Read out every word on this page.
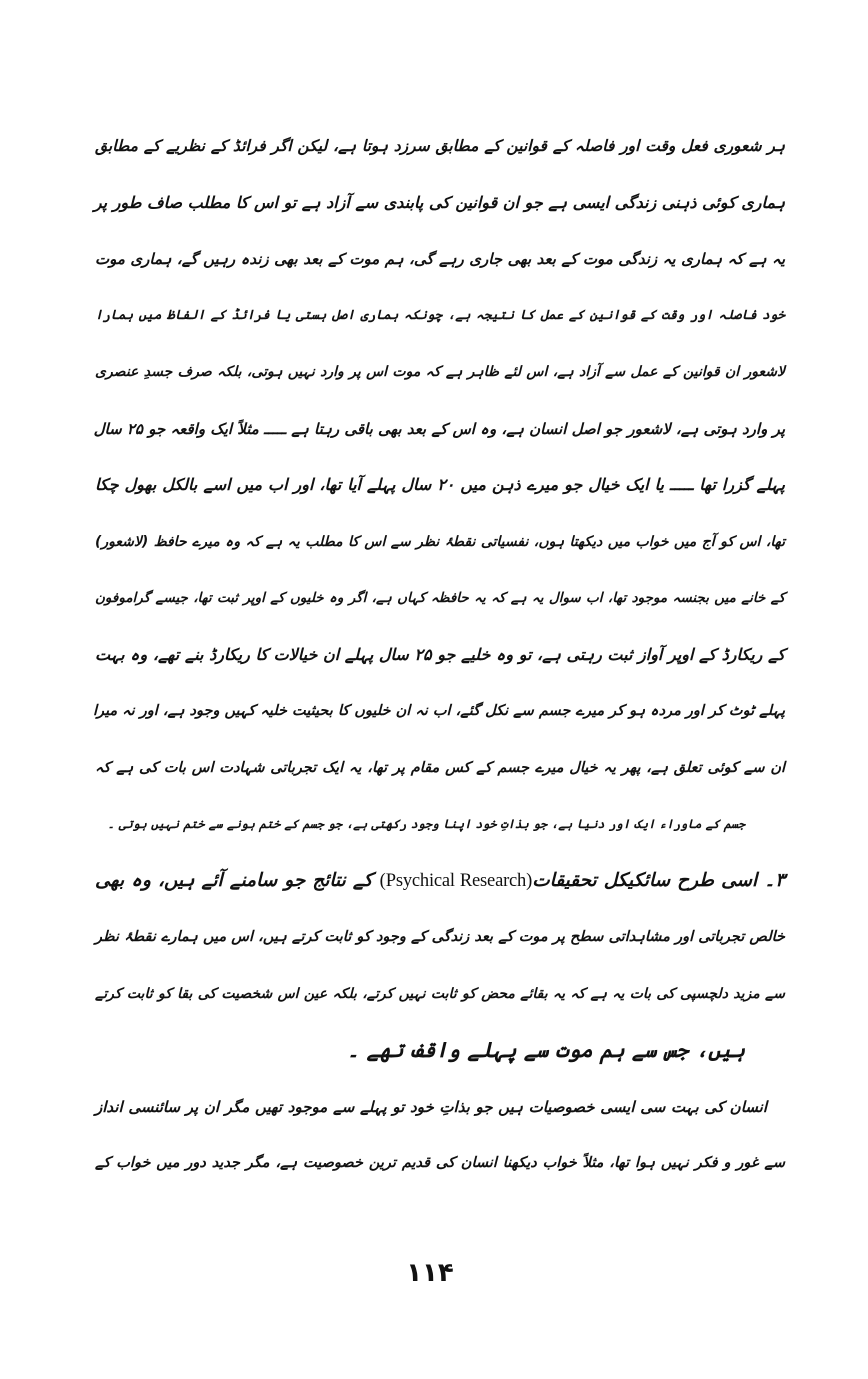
ہر شعوری فعل وقت اور فاصلہ کے قوانین کے مطابق سرزد ہوتا ہے، لیکن اگر فرائڈ کے نظریے کے مطابق
ہماری کوئی ذہنی زندگی ایسی ہے جو ان قوانین کی پابندی سے آزاد ہے تو اس کا مطلب صاف طور پر
یہ ہے کہ ہماری یہ زندگی موت کے بعد بھی جاری رہے گی، ہم موت کے بعد بھی زندہ رہیں گے، ہماری موت
خود فاصلہ اور وقت کے قوانین کے عمل کا نتیجہ ہے، چونکہ ہماری اصل ہستی یا فرائڈ کے الفاظ میں ہمارا
لاشعور ان قوانین کے عمل سے آزاد ہے، اس لئے ظاہر ہے کہ موت اس پر وارد نہیں ہوتی، بلکہ صرف جسدِ عنصری
پر وارد ہوتی ہے، لاشعور جو اصل انسان ہے، وہ اس کے بعد بھی باقی رہتا ہے ـــــ مثلاً ایک واقعہ جو ۲۵ سال
پہلے گزرا تھا ـــــ یا ایک خیال جو میرے ذہن میں ۲۰ سال پہلے آیا تھا، اور اب میں اسے بالکل بھول چکا
تھا، اس کو آج میں خواب میں دیکھتا ہوں، نفسیاتی نقطۂ نظر سے اس کا مطلب یہ ہے کہ وہ میرے حافظ (لاشعور)
کے خانے میں بجنسہ موجود تھا، اب سوال یہ ہے کہ یہ حافظہ کہاں ہے، اگر وہ خلیوں کے اوپر ثبت تھا، جیسے گراموفون
کے ریکارڈ کے اوپر آواز ثبت رہتی ہے، تو وہ خلیے جو ۲۵ سال پہلے ان خیالات کا ریکارڈ بنے تھے، وہ بہت
پہلے ٹوٹ کر اور مردہ ہو کر میرے جسم سے نکل گئے، اب نہ ان خلیوں کا بحیثیت خلیہ کہیں وجود ہے، اور نہ میرا
ان سے کوئی تعلق ہے، پھر یہ خیال میرے جسم کے کس مقام پر تھا، یہ ایک تجرباتی شہادت اس بات کی ہے کہ
جسم کے ماوراء ایک اور دنیا ہے، جو بذاتِ خود اپنا وجود رکھتی ہے، جو جسم کے ختم ہونے سے ختم نہیں ہوتی ۔
۳۔ اسی طرح سائکیکل تحقیقات(Psychical Research) کے نتائج جو سامنے آئے ہیں، وہ بھی
خالص تجرباتی اور مشاہداتی سطح پر موت کے بعد زندگی کے وجود کو ثابت کرتے ہیں، اس میں ہمارے نقطۂ نظر
سے مزید دلچسپی کی بات یہ ہے کہ یہ بقائے محض کو ثابت نہیں کرتے، بلکہ عین اس شخصیت کی بقا کو ثابت کرتے
ہیں، جس سے ہم موت سے پہلے واقف تھے ۔
انسان کی بہت سی ایسی خصوصیات ہیں جو بذاتِ خود تو پہلے سے موجود تھیں مگر ان پر سائنسی انداز
سے غور و فکر نہیں ہوا تھا، مثلاً خواب دیکھنا انسان کی قدیم ترین خصوصیت ہے، مگر جدید دور میں خواب کے
۱۱۴
